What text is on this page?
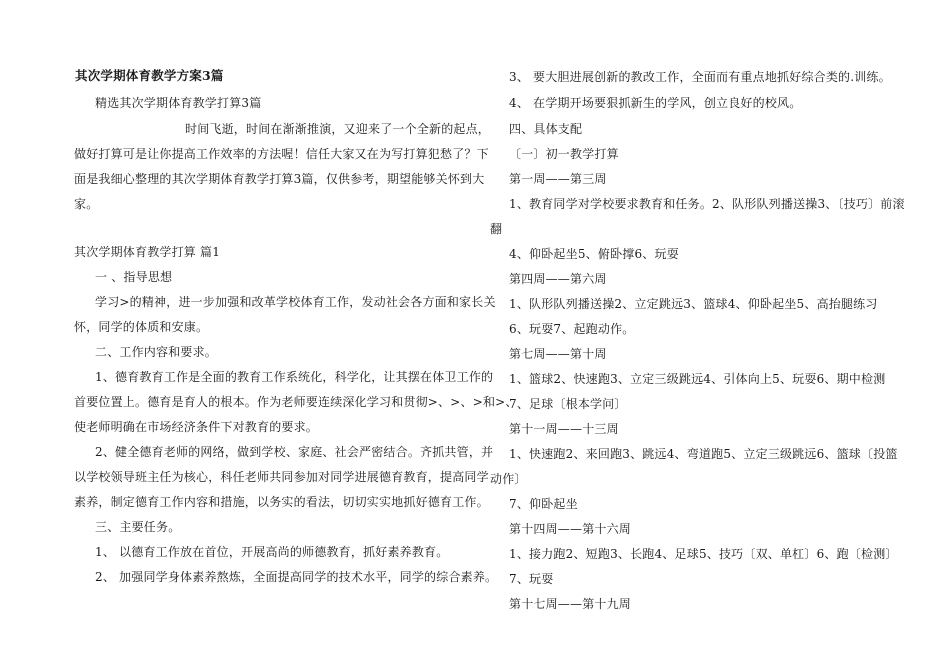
其次学期体育教学方案3篇
精选其次学期体育教学打算3篇
时间飞逝，时间在渐渐推演，又迎来了一个全新的起点，
做好打算可是让你提高工作效率的方法喔！信任大家又在为写打算犯愁了？下
面是我细心整理的其次学期体育教学打算3篇，仅供参考，期望能够关怀到大
家。
其次学期体育教学打算 篇1
一 、指导思想
学习>的精神，进一步加强和改革学校体育工作，发动社会各方面和家长关
怀，同学的体质和安康。
二、工作内容和要求。
1、德育教育工作是全面的教育工作系统化，科学化，让其摆在体卫工作的
首要位置上。德育是育人的根本。作为老师要连续深化学习和贯彻>、>、>和>、
使老师明确在市场经济条件下对教育的要求。
2、健全德育老师的网络，做到学校、家庭、社会严密结合。齐抓共管，并
以学校领导班主任为核心，科任老师共同参加对同学进展德育教育，提高同学
素养，制定德育工作内容和措施，以务实的看法，切切实实地抓好德育工作。
三、主要任务。
1、 以德育工作放在首位，开展高尚的师德教育，抓好素养教育。
2、 加强同学身体素养熬炼，全面提高同学的技术水平，同学的综合素养。
3、 要大胆进展创新的教改工作，全面而有重点地抓好综合类的.训练。
4、 在学期开场要狠抓新生的学风，创立良好的校风。
四、具体支配
〔一〕初一教学打算
第一周——第三周
1、教育同学对学校要求教育和任务。2、队形队列播送操3、〔技巧〕前滚
翻
4、仰卧起坐5、俯卧撑6、玩耍
第四周——第六周
1、队形队列播送操2、立定跳远3、篮球4、仰卧起坐5、高抬腿练习
6、玩耍7、起跑动作。
第七周——第十周
1、篮球2、快速跑3、立定三级跳远4、引体向上5、玩耍6、期中检测
7、足球〔根本学问〕
第十一周——十三周
1、快速跑2、来回跑3、跳远4、弯道跑5、立定三级跳远6、篮球〔投篮
动作〕
7、仰卧起坐
第十四周——第十六周
1、接力跑2、短跑3、长跑4、足球5、技巧〔双、单杠〕6、跑〔检测〕
7、玩耍
第十七周——第十九周
